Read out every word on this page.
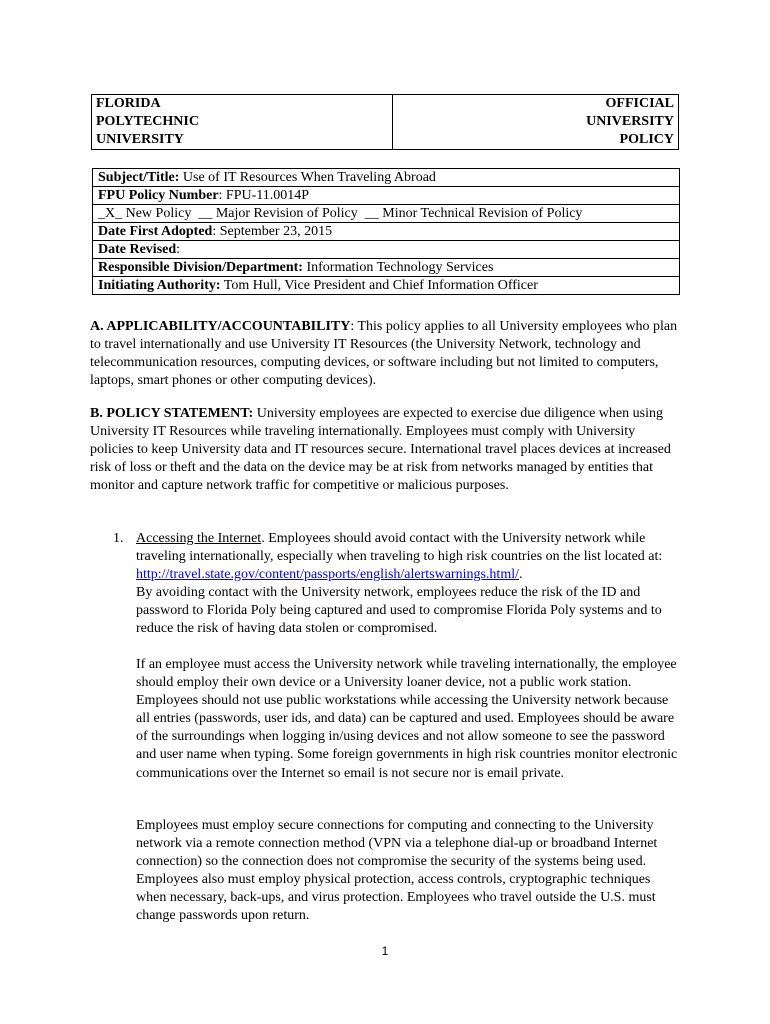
FLORIDA
POLYTECHNIC
UNIVERSITY

OFFICIAL
UNIVERSITY
POLICY
Subject/Title: Use of IT Resources When Traveling Abroad
FPU Policy Number: FPU-11.0014P
_X_ New Policy  __ Major Revision of Policy  __ Minor Technical Revision of Policy
Date First Adopted: September 23, 2015
Date Revised:
Responsible Division/Department: Information Technology Services
Initiating Authority: Tom Hull, Vice President and Chief Information Officer

A. APPLICABILITY/ACCOUNTABILITY: This policy applies to all University employees who plan to travel internationally and use University IT Resources (the University Network, technology and telecommunication resources, computing devices, or software including but not limited to computers, laptops, smart phones or other computing devices).

B. POLICY STATEMENT: University employees are expected to exercise due diligence when using University IT Resources while traveling internationally. Employees must comply with University policies to keep University data and IT resources secure. International travel places devices at increased risk of loss or theft and the data on the device may be at risk from networks managed by entities that monitor and capture network traffic for competitive or malicious purposes.

1. Accessing the Internet. Employees should avoid contact with the University network while traveling internationally, especially when traveling to high risk countries on the list located at: http://travel.state.gov/content/passports/english/alertswarnings.html/.
By avoiding contact with the University network, employees reduce the risk of the ID and password to Florida Poly being captured and used to compromise Florida Poly systems and to reduce the risk of having data stolen or compromised.

If an employee must access the University network while traveling internationally, the employee should employ their own device or a University loaner device, not a public work station. Employees should not use public workstations while accessing the University network because all entries (passwords, user ids, and data) can be captured and used. Employees should be aware of the surroundings when logging in/using devices and not allow someone to see the password and user name when typing. Some foreign governments in high risk countries monitor electronic communications over the Internet so email is not secure nor is email private.

Employees must employ secure connections for computing and connecting to the University network via a remote connection method (VPN via a telephone dial-up or broadband Internet connection) so the connection does not compromise the security of the systems being used. Employees also must employ physical protection, access controls, cryptographic techniques when necessary, back-ups, and virus protection. Employees who travel outside the U.S. must change passwords upon return.

1
